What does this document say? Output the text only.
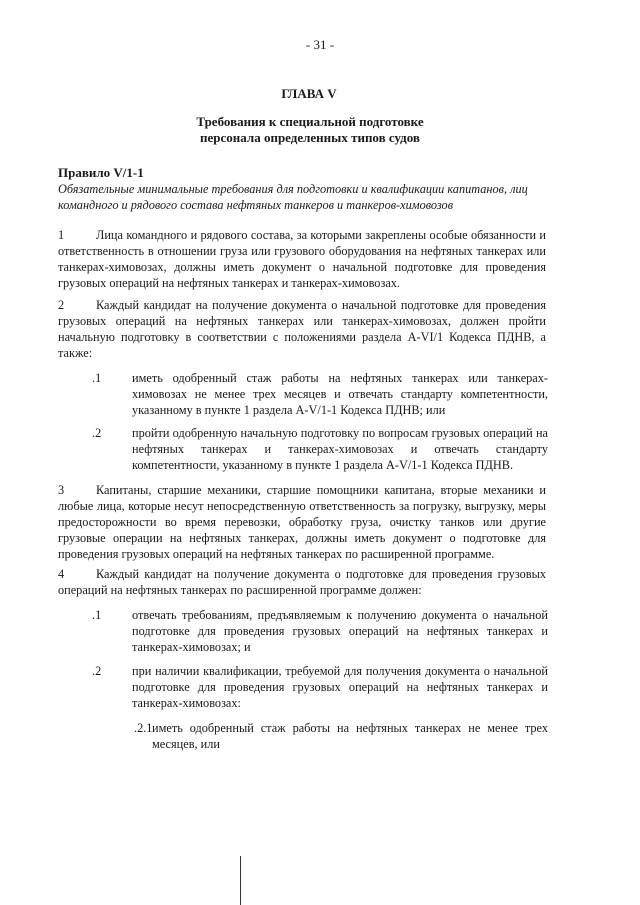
- 31 -
ГЛАВА V
Требования к специальной подготовке
персонала определенных типов судов
Правило V/1-1
Обязательные минимальные требования для подготовки и квалификации капитанов, лиц командного и рядового состава нефтяных танкеров и танкеров-химовозов
1	Лица командного и рядового состава, за которыми закреплены особые обязанности и ответственность в отношении груза или грузового оборудования на нефтяных танкерах или танкерах-химовозах, должны иметь документ о начальной подготовке для проведения грузовых операций на нефтяных танкерах и танкерах-химовозах.
2	Каждый кандидат на получение документа о начальной подготовке для проведения грузовых операций на нефтяных танкерах или танкерах-химовозах, должен пройти начальную подготовку в соответствии с положениями раздела A-VI/1 Кодекса ПДНВ, а также:
.1	иметь одобренный стаж работы на нефтяных танкерах или танкерах-химовозах не менее трех месяцев и отвечать стандарту компетентности, указанному в пункте 1 раздела A-V/1-1 Кодекса ПДНВ; или
.2	пройти одобренную начальную подготовку по вопросам грузовых операций на нефтяных танкерах и танкерах-химовозах и отвечать стандарту компетентности, указанному в пункте 1 раздела A-V/1-1 Кодекса ПДНВ.
3	Капитаны, старшие механики, старшие помощники капитана, вторые механики и любые лица, которые несут непосредственную ответственность за погрузку, выгрузку, меры предосторожности во время перевозки, обработку груза, очистку танков или другие грузовые операции на нефтяных танкерах, должны иметь документ о подготовке для проведения грузовых операций на нефтяных танкерах по расширенной программе.
4	Каждый кандидат на получение документа о подготовке для проведения грузовых операций на нефтяных танкерах по расширенной программе должен:
.1	отвечать требованиям, предъявляемым к получению документа о начальной подготовке для проведения грузовых операций на нефтяных танкерах и танкерах-химовозах; и
.2	при наличии квалификации, требуемой для получения документа о начальной подготовке для проведения грузовых операций на нефтяных танкерах и танкерах-химовозах:
.2.1 иметь одобренный стаж работы на нефтяных танкерах не менее трех месяцев, или
